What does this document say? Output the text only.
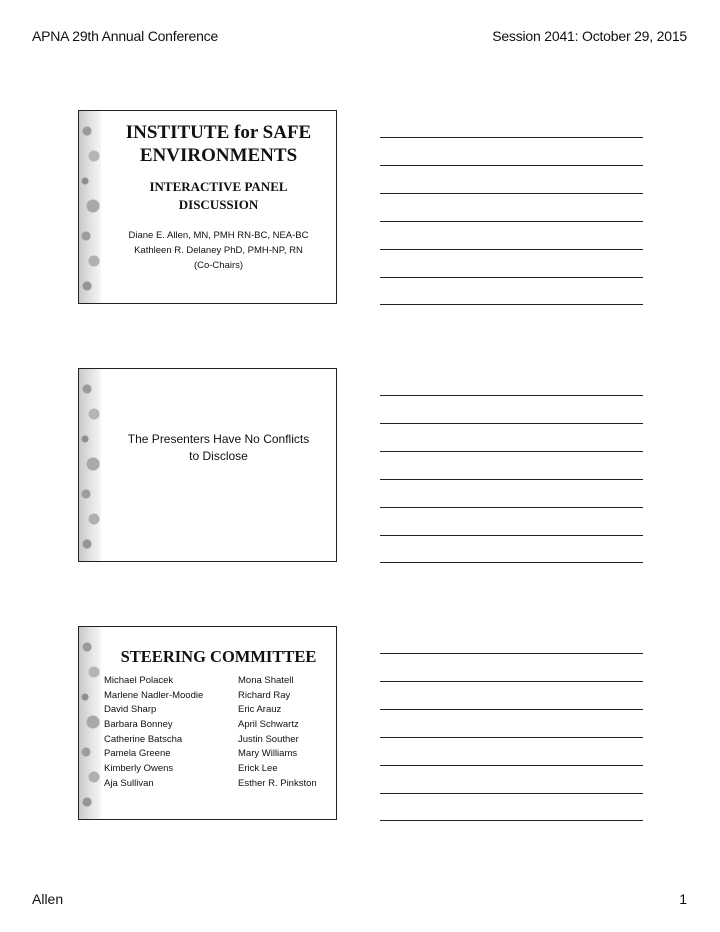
APNA 29th Annual Conference	Session 2041: October 29, 2015
INSTITUTE for SAFE
ENVIRONMENTS
INTERACTIVE PANEL
DISCUSSION
Diane E. Allen, MN, PMH RN-BC, NEA-BC
Kathleen R. Delaney PhD, PMH-NP, RN
(Co-Chairs)
The Presenters Have No Conflicts
to Disclose
STEERING COMMITTEE
Michael Polacek	Mona Shatell
Marlene Nadler-Moodie	Richard Ray
David Sharp	Eric Arauz
Barbara Bonney	April Schwartz
Catherine Batscha	Justin Souther
Pamela Greene	Mary Williams
Kimberly Owens	Erick Lee
Aja Sullivan	Esther R. Pinkston
Allen	1
